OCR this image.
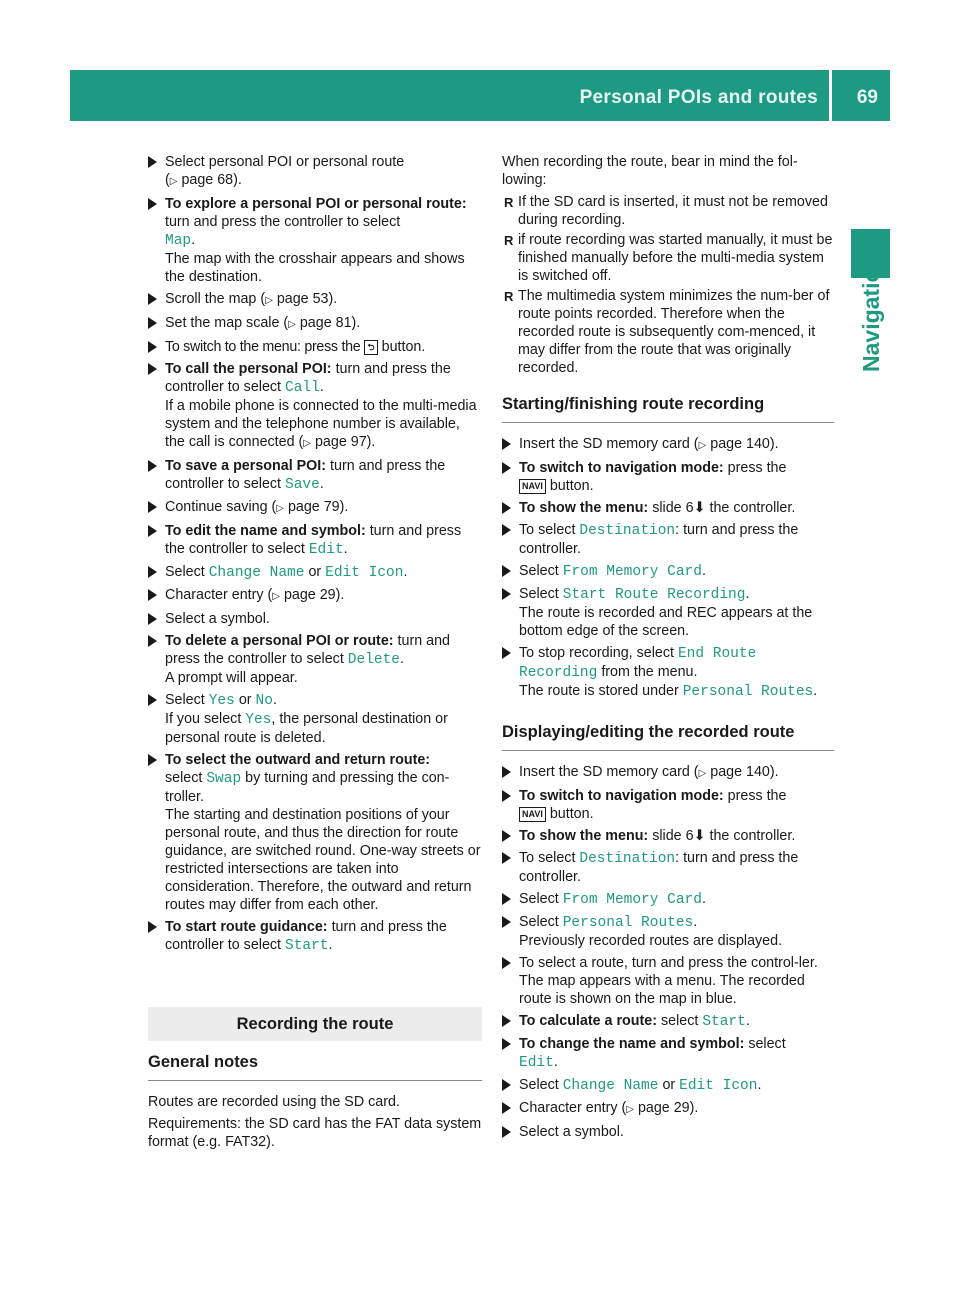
Personal POIs and routes 69
Navigation
Select personal POI or personal route
(▷ page 68).
To explore a personal POI or personal route: turn and press the controller to select
Map.
The map with the crosshair appears and shows the destination.
Scroll the map (▷ page 53).
Set the map scale (▷ page 81).
To switch to the menu: press the ⮌ button.
To call the personal POI: turn and press the controller to select Call.
If a mobile phone is connected to the multi-media system and the telephone number is available, the call is connected (▷ page 97).
To save a personal POI: turn and press the controller to select Save.
Continue saving (▷ page 79).
To edit the name and symbol: turn and press the controller to select Edit.
Select Change Name or Edit Icon.
Character entry (▷ page 29).
Select a symbol.
To delete a personal POI or route: turn and press the controller to select Delete.
A prompt will appear.
Select Yes or No.
If you select Yes, the personal destination or personal route is deleted.
To select the outward and return route:
select Swap by turning and pressing the con-troller.
The starting and destination positions of your personal route, and thus the direction for route guidance, are switched round. One-way streets or restricted intersections are taken into consideration. Therefore, the outward and return routes may differ from each other.
To start route guidance: turn and press the controller to select Start.
Recording the route
General notes
Routes are recorded using the SD card.
Requirements: the SD card has the FAT data system format (e.g. FAT32).
When recording the route, bear in mind the fol-lowing:
R If the SD card is inserted, it must not be removed during recording.
R if route recording was started manually, it must be finished manually before the multi-media system is switched off.
R The multimedia system minimizes the num-ber of route points recorded. Therefore when the recorded route is subsequently com-menced, it may differ from the route that was originally recorded.
Starting/finishing route recording
Insert the SD memory card (▷ page 140).
To switch to navigation mode: press the
NAVI button.
To show the menu: slide 6⬇ the controller.
To select Destination: turn and press the controller.
Select From Memory Card.
Select Start Route Recording.
The route is recorded and REC appears at the bottom edge of the screen.
To stop recording, select End Route Recording from the menu.
The route is stored under Personal Routes.
Displaying/editing the recorded route
Insert the SD memory card (▷ page 140).
To switch to navigation mode: press the
NAVI button.
To show the menu: slide 6⬇ the controller.
To select Destination: turn and press the controller.
Select From Memory Card.
Select Personal Routes.
Previously recorded routes are displayed.
To select a route, turn and press the control-ler.
The map appears with a menu. The recorded route is shown on the map in blue.
To calculate a route: select Start.
To change the name and symbol: select
Edit.
Select Change Name or Edit Icon.
Character entry (▷ page 29).
Select a symbol.
